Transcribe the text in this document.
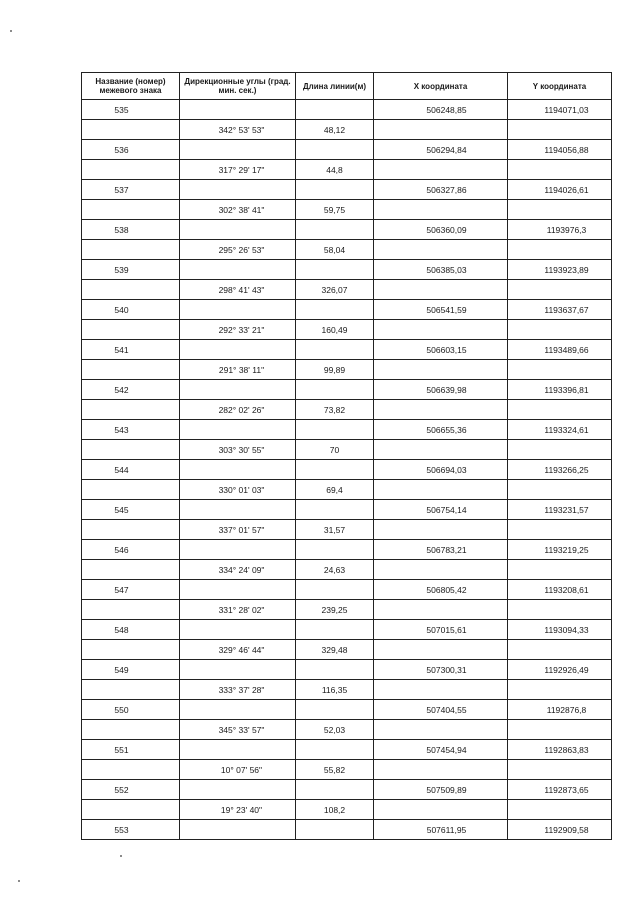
Название (номер) межевого знака	Дирекционные углы (град. мин. сек.)	Длина линии(м)	X координата	Y координата
535			506248,85	1194071,03
	342° 53' 53"	48,12		
536			506294,84	1194056,88
	317° 29' 17"	44,8		
537			506327,86	1194026,61
	302° 38' 41"	59,75		
538			506360,09	1193976,3
	295° 26' 53"	58,04		
539			506385,03	1193923,89
	298° 41' 43"	326,07		
540			506541,59	1193637,67
	292° 33' 21"	160,49		
541			506603,15	1193489,66
	291° 38' 11"	99,89		
542			506639,98	1193396,81
	282° 02' 26"	73,82		
543			506655,36	1193324,61
	303° 30' 55"	70		
544			506694,03	1193266,25
	330° 01' 03"	69,4		
545			506754,14	1193231,57
	337° 01' 57"	31,57		
546			506783,21	1193219,25
	334° 24' 09"	24,63		
547			506805,42	1193208,61
	331° 28' 02"	239,25		
548			507015,61	1193094,33
	329° 46' 44"	329,48		
549			507300,31	1192926,49
	333° 37' 28"	116,35		
550			507404,55	1192876,8
	345° 33' 57"	52,03		
551			507454,94	1192863,83
	10° 07' 56"	55,82		
552			507509,89	1192873,65
	19° 23' 40"	108,2		
553			507611,95	1192909,58
